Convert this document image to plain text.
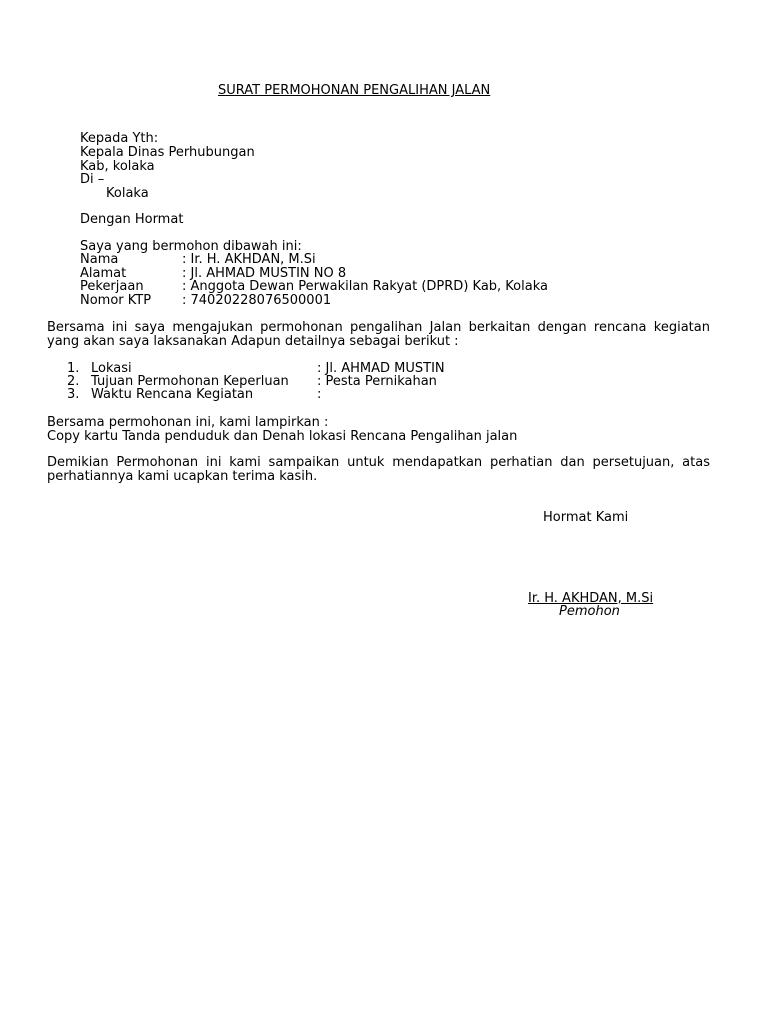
SURAT PERMOHONAN PENGALIHAN JALAN
Kepada Yth:
Kepala Dinas Perhubungan
Kab, kolaka
Di –
Kolaka
Dengan Hormat
Saya yang bermohon dibawah ini:
Nama	: Ir. H. AKHDAN, M.Si
Alamat	: Jl. AHMAD MUSTIN NO 8
Pekerjaan	: Anggota Dewan Perwakilan Rakyat (DPRD) Kab, Kolaka
Nomor KTP : 74020228076500001
Bersama ini saya mengajukan permohonan pengalihan Jalan berkaitan dengan rencana kegiatan yang akan saya laksanakan Adapun detailnya sebagai berikut :
1. Lokasi	: Jl. AHMAD MUSTIN
2. Tujuan Permohonan Keperluan : Pesta Pernikahan
3. Waktu Rencana Kegiatan	:
Bersama permohonan ini, kami lampirkan :
Copy kartu Tanda penduduk dan Denah lokasi Rencana Pengalihan jalan
Demikian Permohonan ini kami sampaikan untuk mendapatkan perhatian dan persetujuan, atas perhatiannya kami ucapkan terima kasih.
Hormat Kami
Ir. H. AKHDAN, M.Si
Pemohon
